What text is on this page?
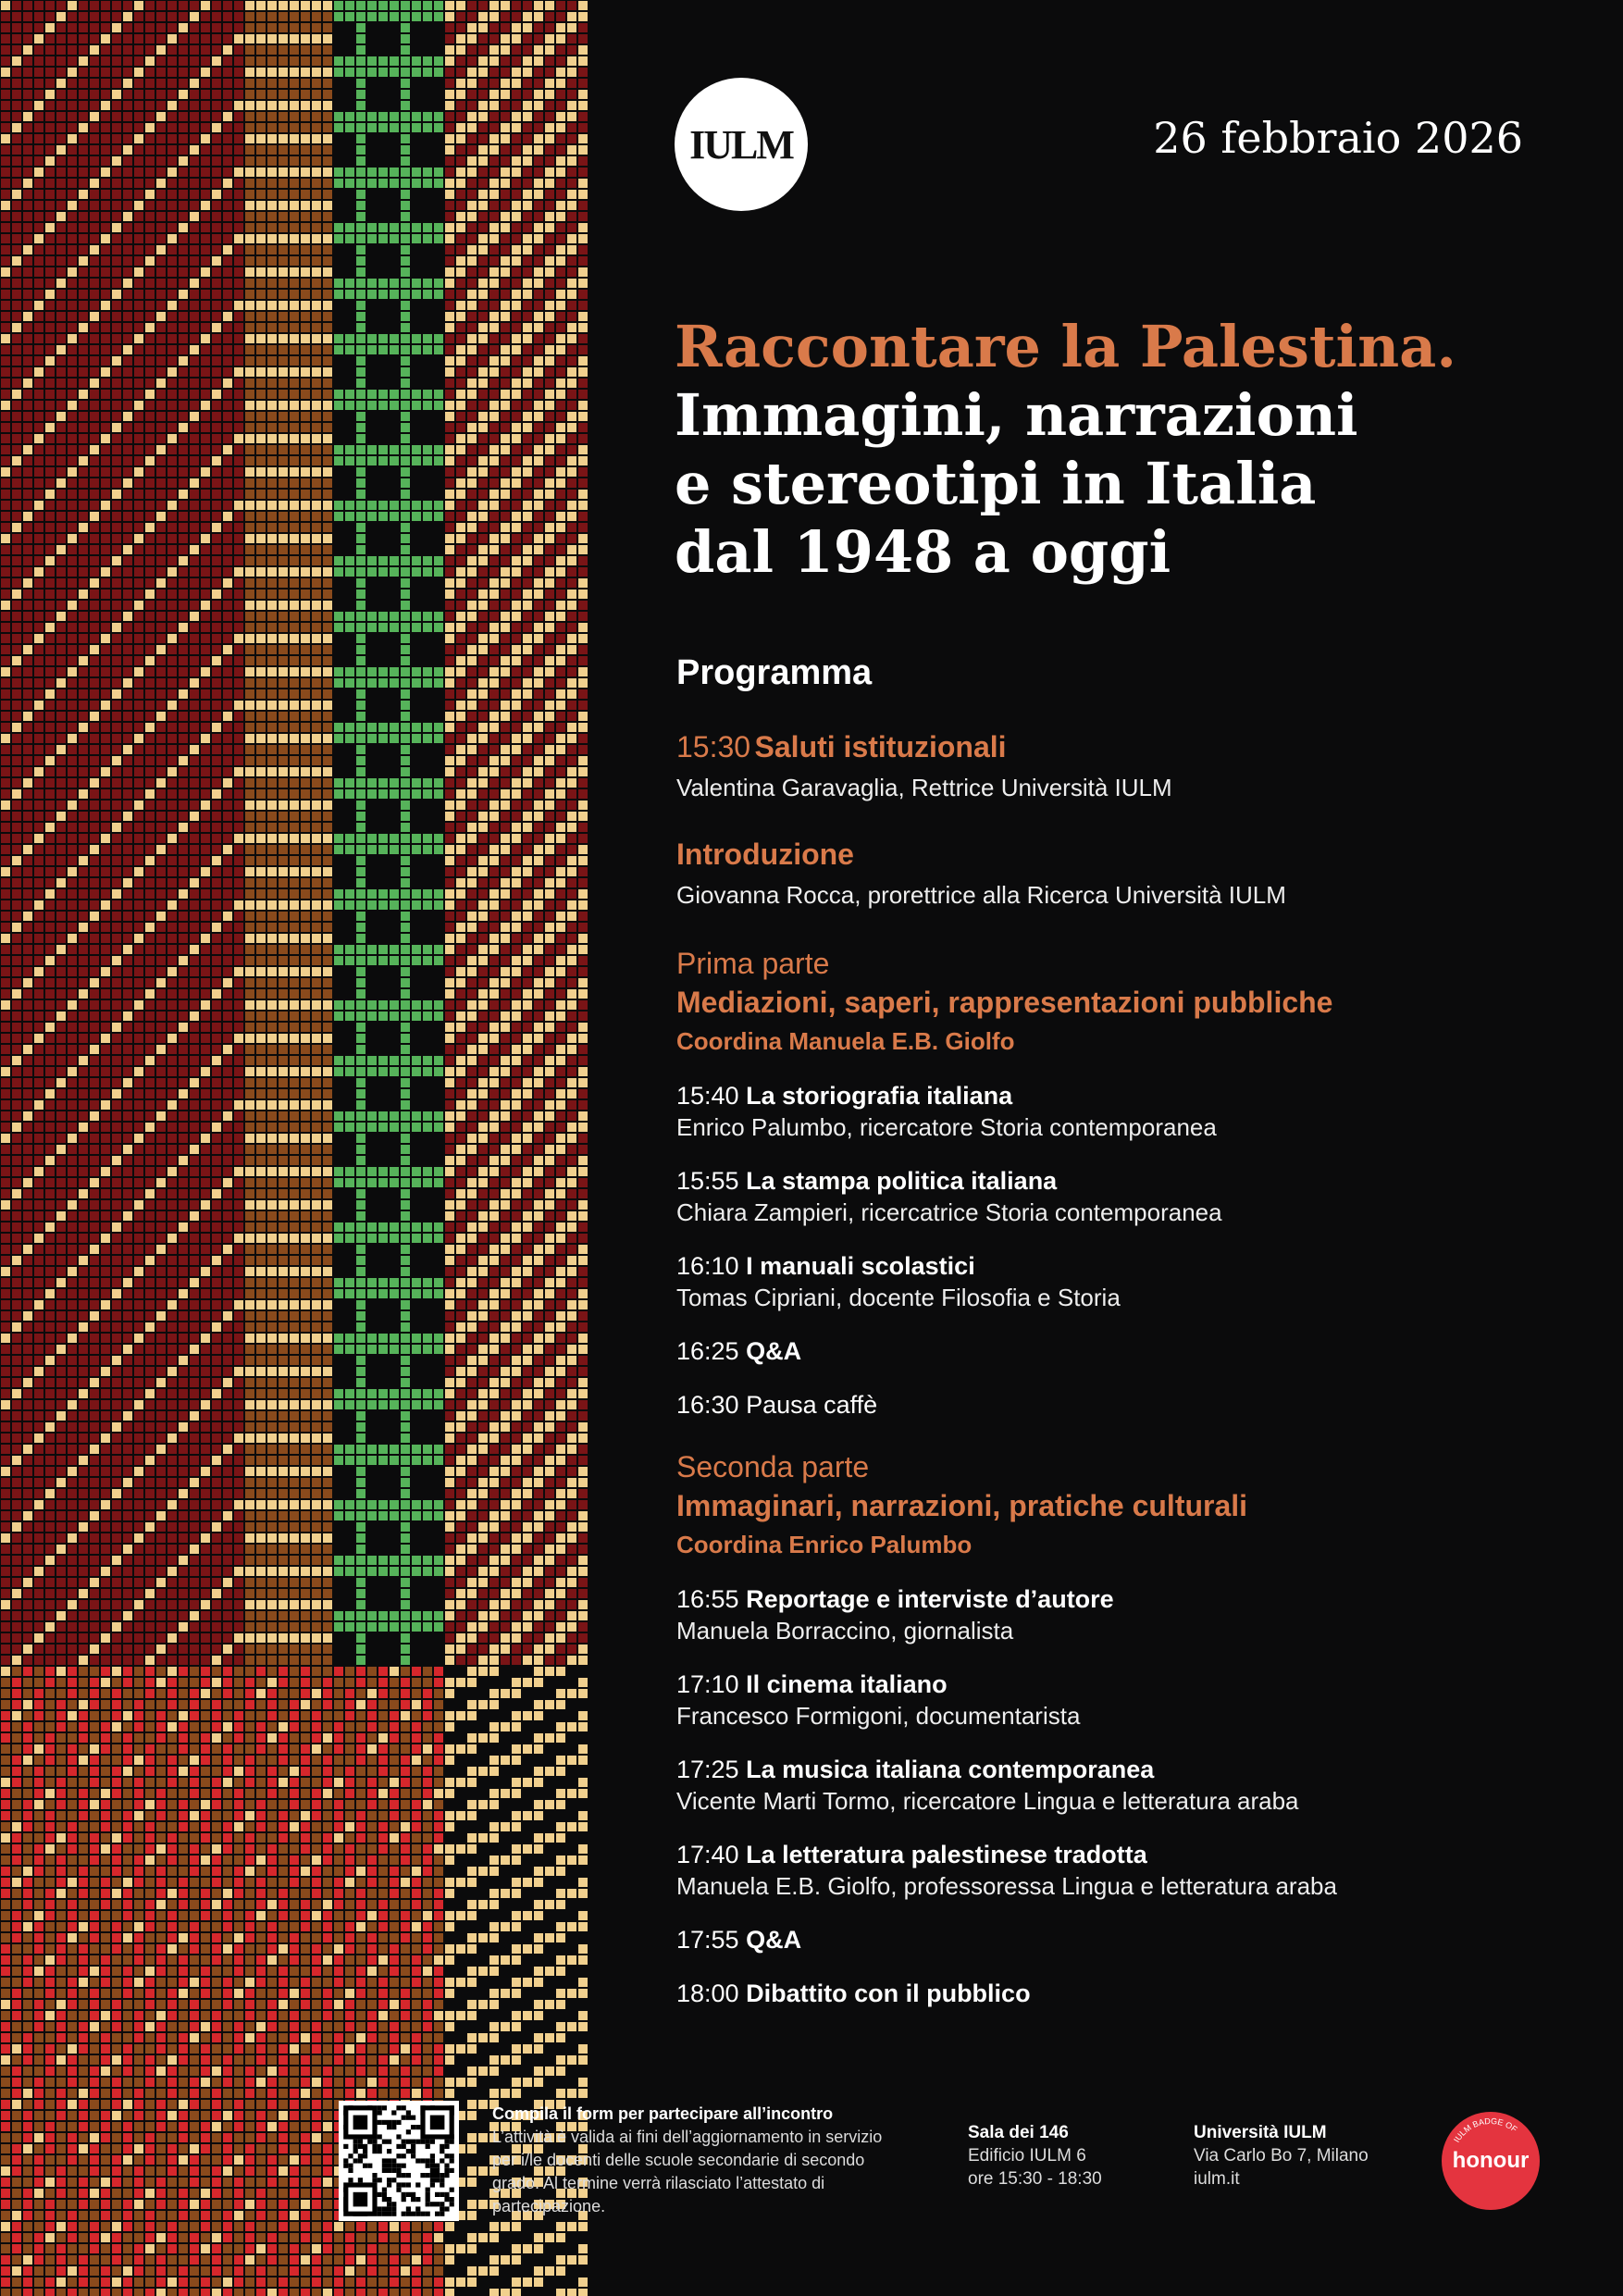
IULM	26 febbraio 2026
Raccontare la Palestina.
Immagini, narrazioni
e stereotipi in Italia
dal 1948 a oggi
Programma
15:30 Saluti istituzionali
Valentina Garavaglia, Rettrice Università IULM
Introduzione
Giovanna Rocca, prorettrice alla Ricerca Università IULM
Prima parte
Mediazioni, saperi, rappresentazioni pubbliche
Coordina Manuela E.B. Giolfo
15:40 La storiografia italiana
Enrico Palumbo, ricercatore Storia contemporanea
15:55 La stampa politica italiana
Chiara Zampieri, ricercatrice Storia contemporanea
16:10 I manuali scolastici
Tomas Cipriani, docente Filosofia e Storia
16:25 Q&A
16:30 Pausa caffè
Seconda parte
Immaginari, narrazioni, pratiche culturali
Coordina Enrico Palumbo
16:55 Reportage e interviste d’autore
Manuela Borraccino, giornalista
17:10 Il cinema italiano
Francesco Formigoni, documentarista
17:25 La musica italiana contemporanea
Vicente Marti Tormo, ricercatore Lingua e letteratura araba
17:40 La letteratura palestinese tradotta
Manuela E.B. Giolfo, professoressa Lingua e letteratura araba
17:55 Q&A
18:00 Dibattito con il pubblico
Compila il form per partecipare all’incontro
L’attività è valida ai fini dell’aggiornamento in servizio per i/le docenti delle scuole secondarie di secondo grado. Al termine verrà rilasciato l’attestato di partecipazione.
Sala dei 146
Edificio IULM 6
ore 15:30 - 18:30
Università IULM
Via Carlo Bo 7, Milano
iulm.it
IULM BADGE OF
honour
